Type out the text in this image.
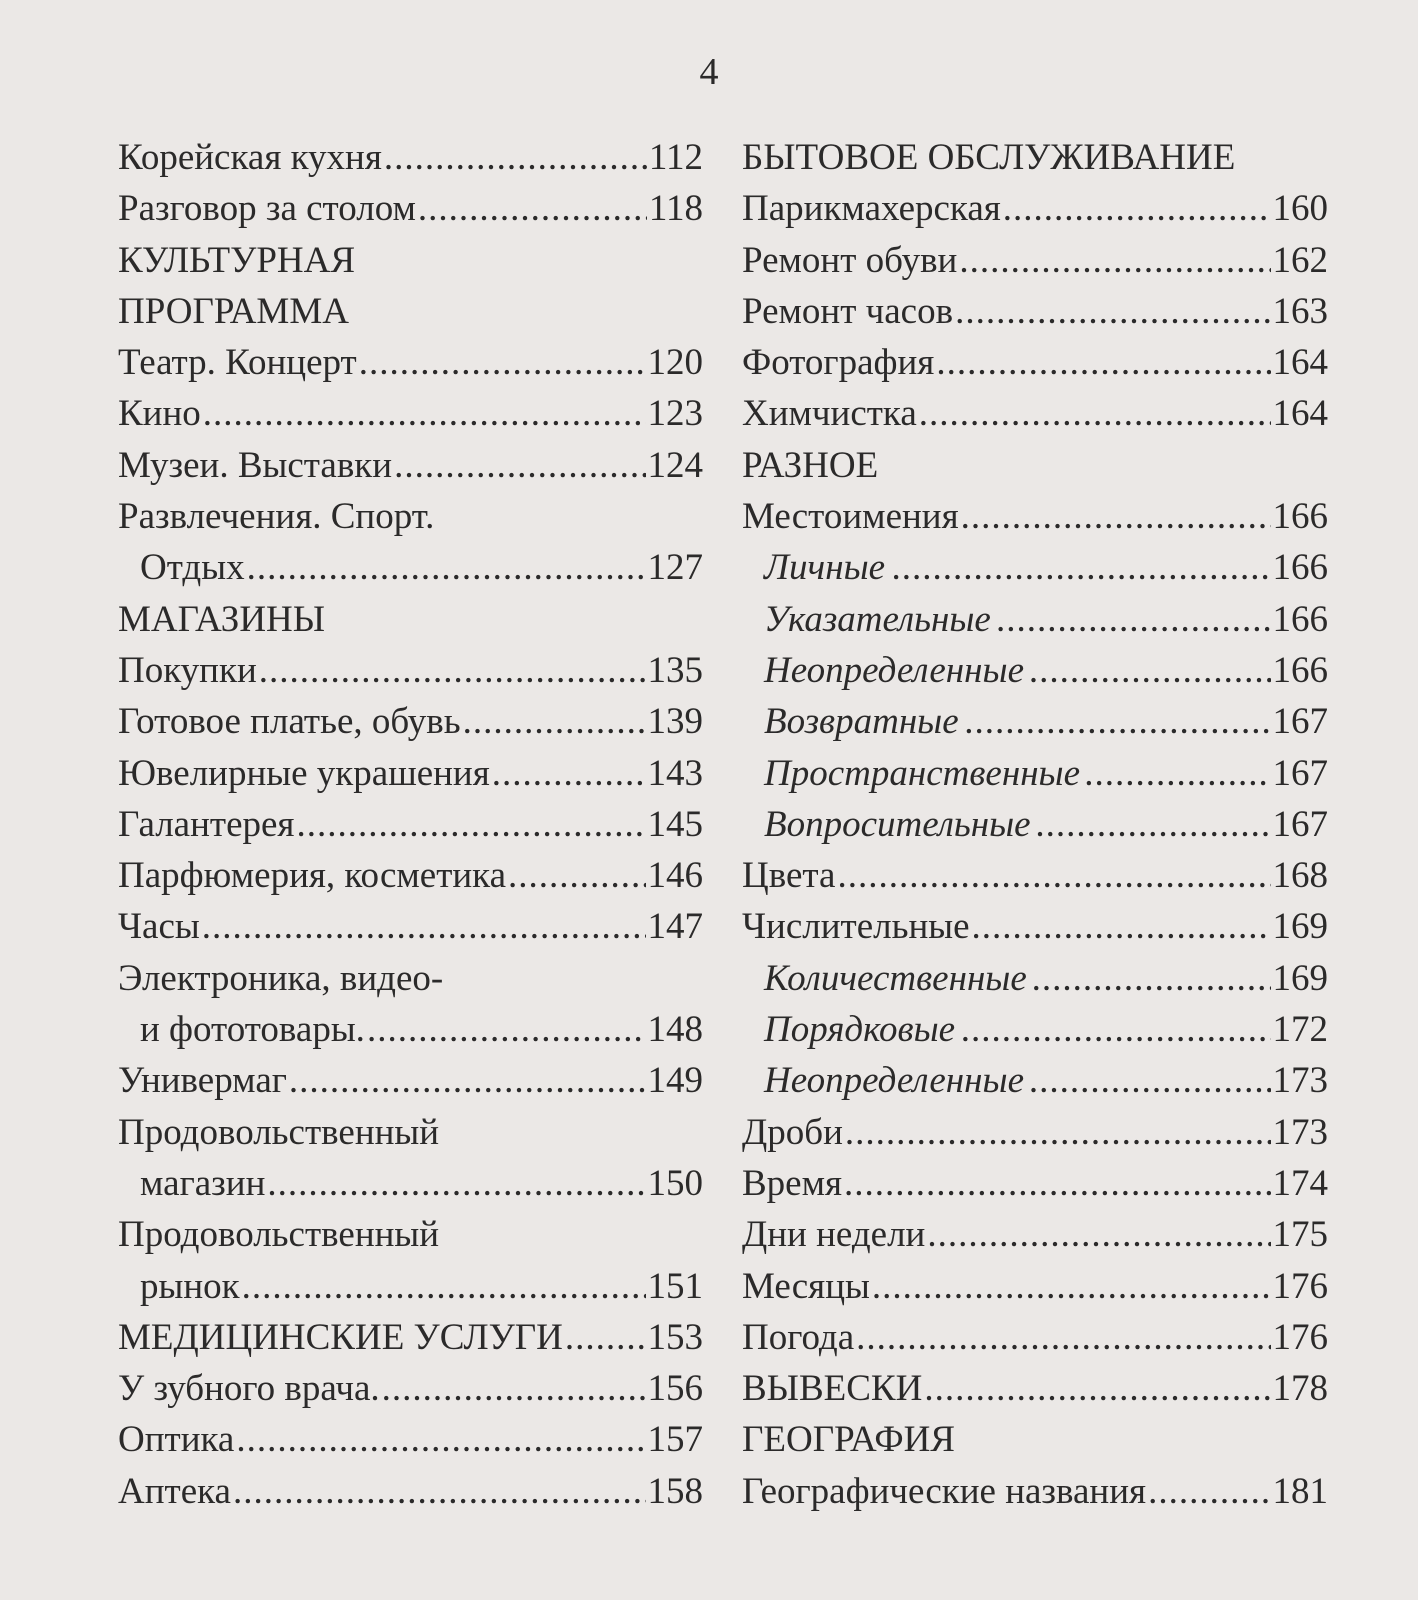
4
Корейская кухня .....	112
Разговор за столом .....	118
КУЛЬТУРНАЯ
ПРОГРАММА
Театр. Концерт .....	120
Кино .....	123
Музеи. Выставки .....	124
Развлечения. Спорт.
Отдых .....	127
МАГАЗИНЫ
Покупки .....	135
Готовое платье, обувь .....	139
Ювелирные украшения .....	143
Галантерея .....	145
Парфюмерия, косметика .....	146
Часы .....	147
Электроника, видео-
и фототовары. .....	148
Универмаг .....	149
Продовольственный
магазин .....	150
Продовольственный
рынок .....	151
МЕДИЦИНСКИЕ УСЛУГИ ..... 153
У зубного врача. .....	156
Оптика .....	157
Аптека .....	158
БЫТОВОЕ ОБСЛУЖИВАНИЕ
Парикмахерская .....	160
Ремонт обуви .....	162
Ремонт часов .....	163
Фотография .....	164
Химчистка .....	164
РАЗНОЕ
Местоимения .....	166
Личные .....	166
Указательные .....	166
Неопределенные .....	166
Возвратные .....	167
Пространственные .....	167
Вопросительные .....	167
Цвета .....	168
Числительные .....	169
Количественные .....	169
Порядковые .....	172
Неопределенные .....	173
Дроби .....	173
Время .....	174
Дни недели .....	175
Месяцы .....	176
Погода .....	176
ВЫВЕСКИ .....	178
ГЕОГРАФИЯ
Географические названия .....	181
